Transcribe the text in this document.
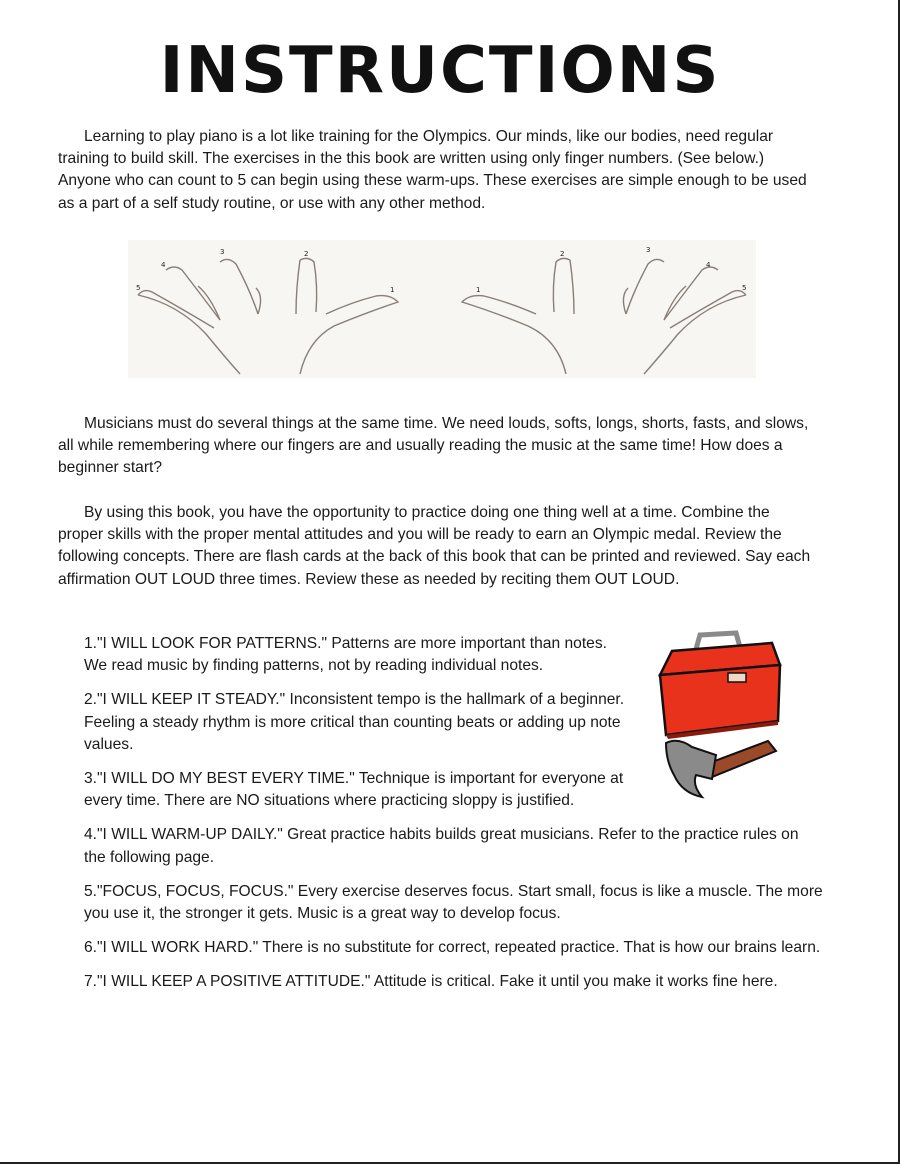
INSTRUCTIONS

Learning to play piano is a lot like training for the Olympics. Our minds, like our bodies, need regular training to build skill. The exercises in the this book are written using only finger numbers. (See below.) Anyone who can count to 5 can begin using these warm-ups. These exercises are simple enough to be used as a part of a self study routine, or use with any other method.

5
4
3	2
1	1
2	3
4
5

Musicians must do several things at the same time. We need louds, softs, longs, shorts, fasts, and slows, all while remembering where our fingers are and usually reading the music at the same time! How does a beginner start?

By using this book, you have the opportunity to practice doing one thing well at a time. Combine the proper skills with the proper mental attitudes and you will be ready to earn an Olympic medal. Review the following concepts. There are flash cards at the back of this book that can be printed and reviewed. Say each affirmation OUT LOUD three times. Review these as needed by reciting them OUT LOUD.

1."I WILL LOOK FOR PATTERNS." Patterns are more important than notes. We read music by finding patterns, not by reading individual notes.
2."I WILL KEEP IT STEADY." Inconsistent tempo is the hallmark of a beginner. Feeling a steady rhythm is more critical than counting beats or adding up note values.
3."I WILL DO MY BEST EVERY TIME." Technique is important for everyone at every time. There are NO situations where practicing sloppy is justified.
4."I WILL WARM-UP DAILY." Great practice habits builds great musicians. Refer to the practice rules on the following page.
5."FOCUS, FOCUS, FOCUS." Every exercise deserves focus. Start small, focus is like a muscle. The more you use it, the stronger it gets. Music is a great way to develop focus.
6."I WILL WORK HARD." There is no substitute for correct, repeated practice. That is how our brains learn.
7."I WILL KEEP A POSITIVE ATTITUDE." Attitude is critical. Fake it until you make it works fine here.
